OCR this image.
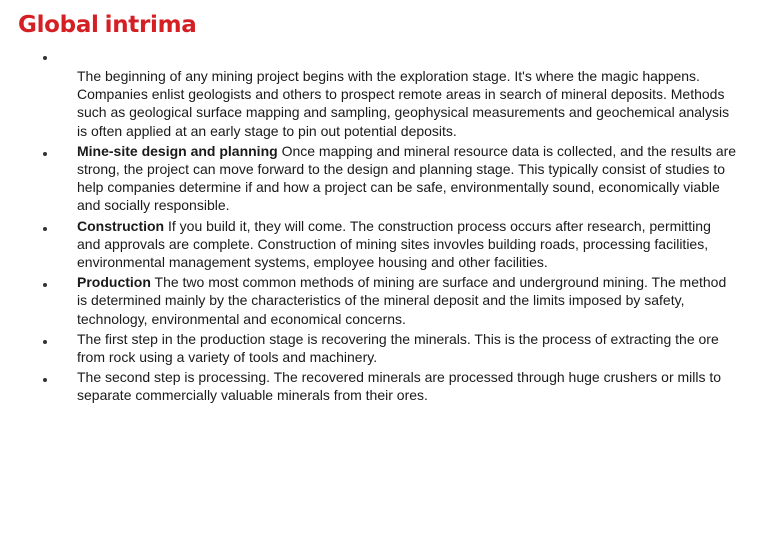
Global intrima
The beginning of any mining project begins with the exploration stage. It's where the magic happens. Companies enlist geologists and others to prospect remote areas in search of mineral deposits. Methods such as geological surface mapping and sampling, geophysical measurements and geochemical analysis is often applied at an early stage to pin out potential deposits.
Mine-site design and planning Once mapping and mineral resource data is collected, and the results are strong, the project can move forward to the design and planning stage. This typically consist of studies to help companies determine if and how a project can be safe, environmentally sound, economically viable and socially responsible.
Construction If you build it, they will come. The construction process occurs after research, permitting and approvals are complete. Construction of mining sites invovles building roads, processing facilities, environmental management systems, employee housing and other facilities.
Production The two most common methods of mining are surface and underground mining. The method is determined mainly by the characteristics of the mineral deposit and the limits imposed by safety, technology, environmental and economical concerns.
The first step in the production stage is recovering the minerals. This is the process of extracting the ore from rock using a variety of tools and machinery.
The second step is processing. The recovered minerals are processed through huge crushers or mills to separate commercially valuable minerals from their ores.
